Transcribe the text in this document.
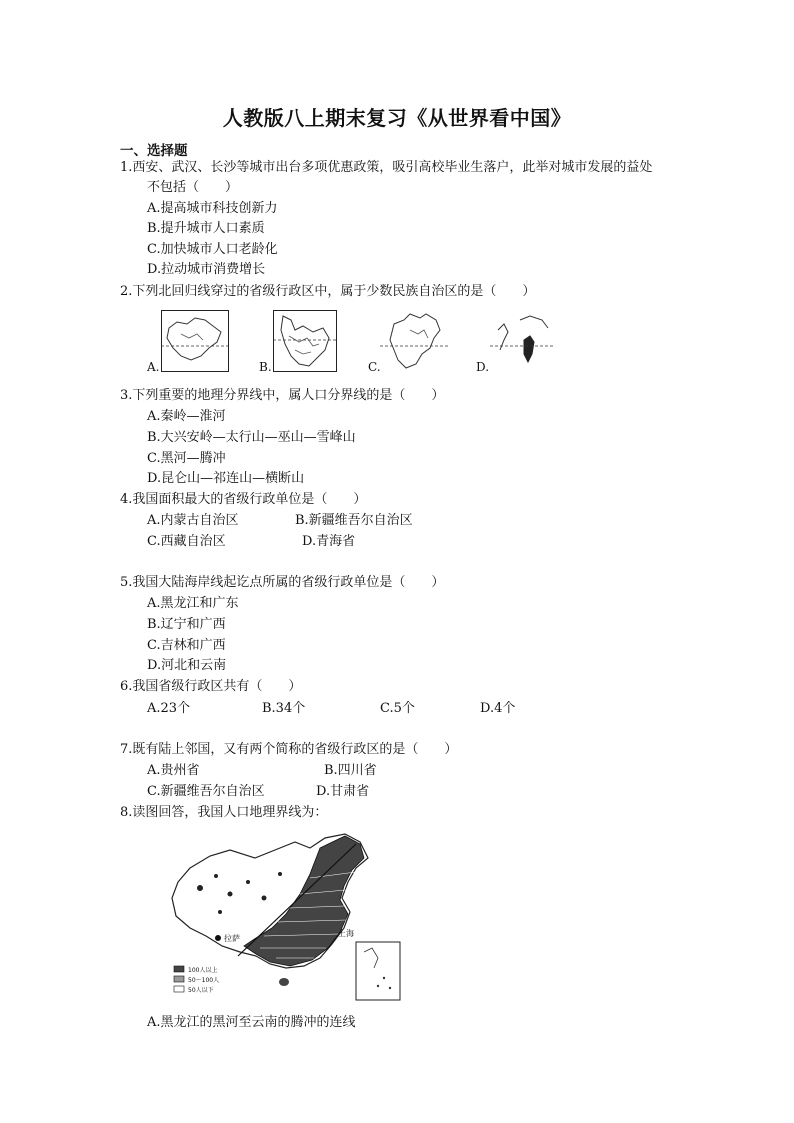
人教版八上期末复习《从世界看中国》
一、选择题
1.西安、武汉、长沙等城市出台多项优惠政策，吸引高校毕业生落户，此举对城市发展的益处
不包括（　　）
A.提高城市科技创新力
B.提升城市人口素质
C.加快城市人口老龄化
D.拉动城市消费增长
2.下列北回归线穿过的省级行政区中，属于少数民族自治区的是（　　）
A.	B.	C.	D.
3.下列重要的地理分界线中，属人口分界线的是（　　）
A.秦岭—淮河
B.大兴安岭—太行山—巫山—雪峰山
C.黑河—腾冲
D.昆仑山—祁连山—横断山
4.我国面积最大的省级行政单位是（　　）
A.内蒙古自治区	B.新疆维吾尔自治区
C.西藏自治区	D.青海省
5.我国大陆海岸线起讫点所属的省级行政单位是（　　）
A.黑龙江和广东
B.辽宁和广西
C.吉林和广西
D.河北和云南
6.我国省级行政区共有（　　）
A.23个	B.34个	C.5个	D.4个
7.既有陆上邻国，又有两个简称的省级行政区的是（　　）
A.贵州省	B.四川省
C.新疆维吾尔自治区	D.甘肃省
8.读图回答，我国人口地理界线为：
拉萨
上海
100人以上
50～100人
50人以下
A.黑龙江的黑河至云南的腾冲的连线
